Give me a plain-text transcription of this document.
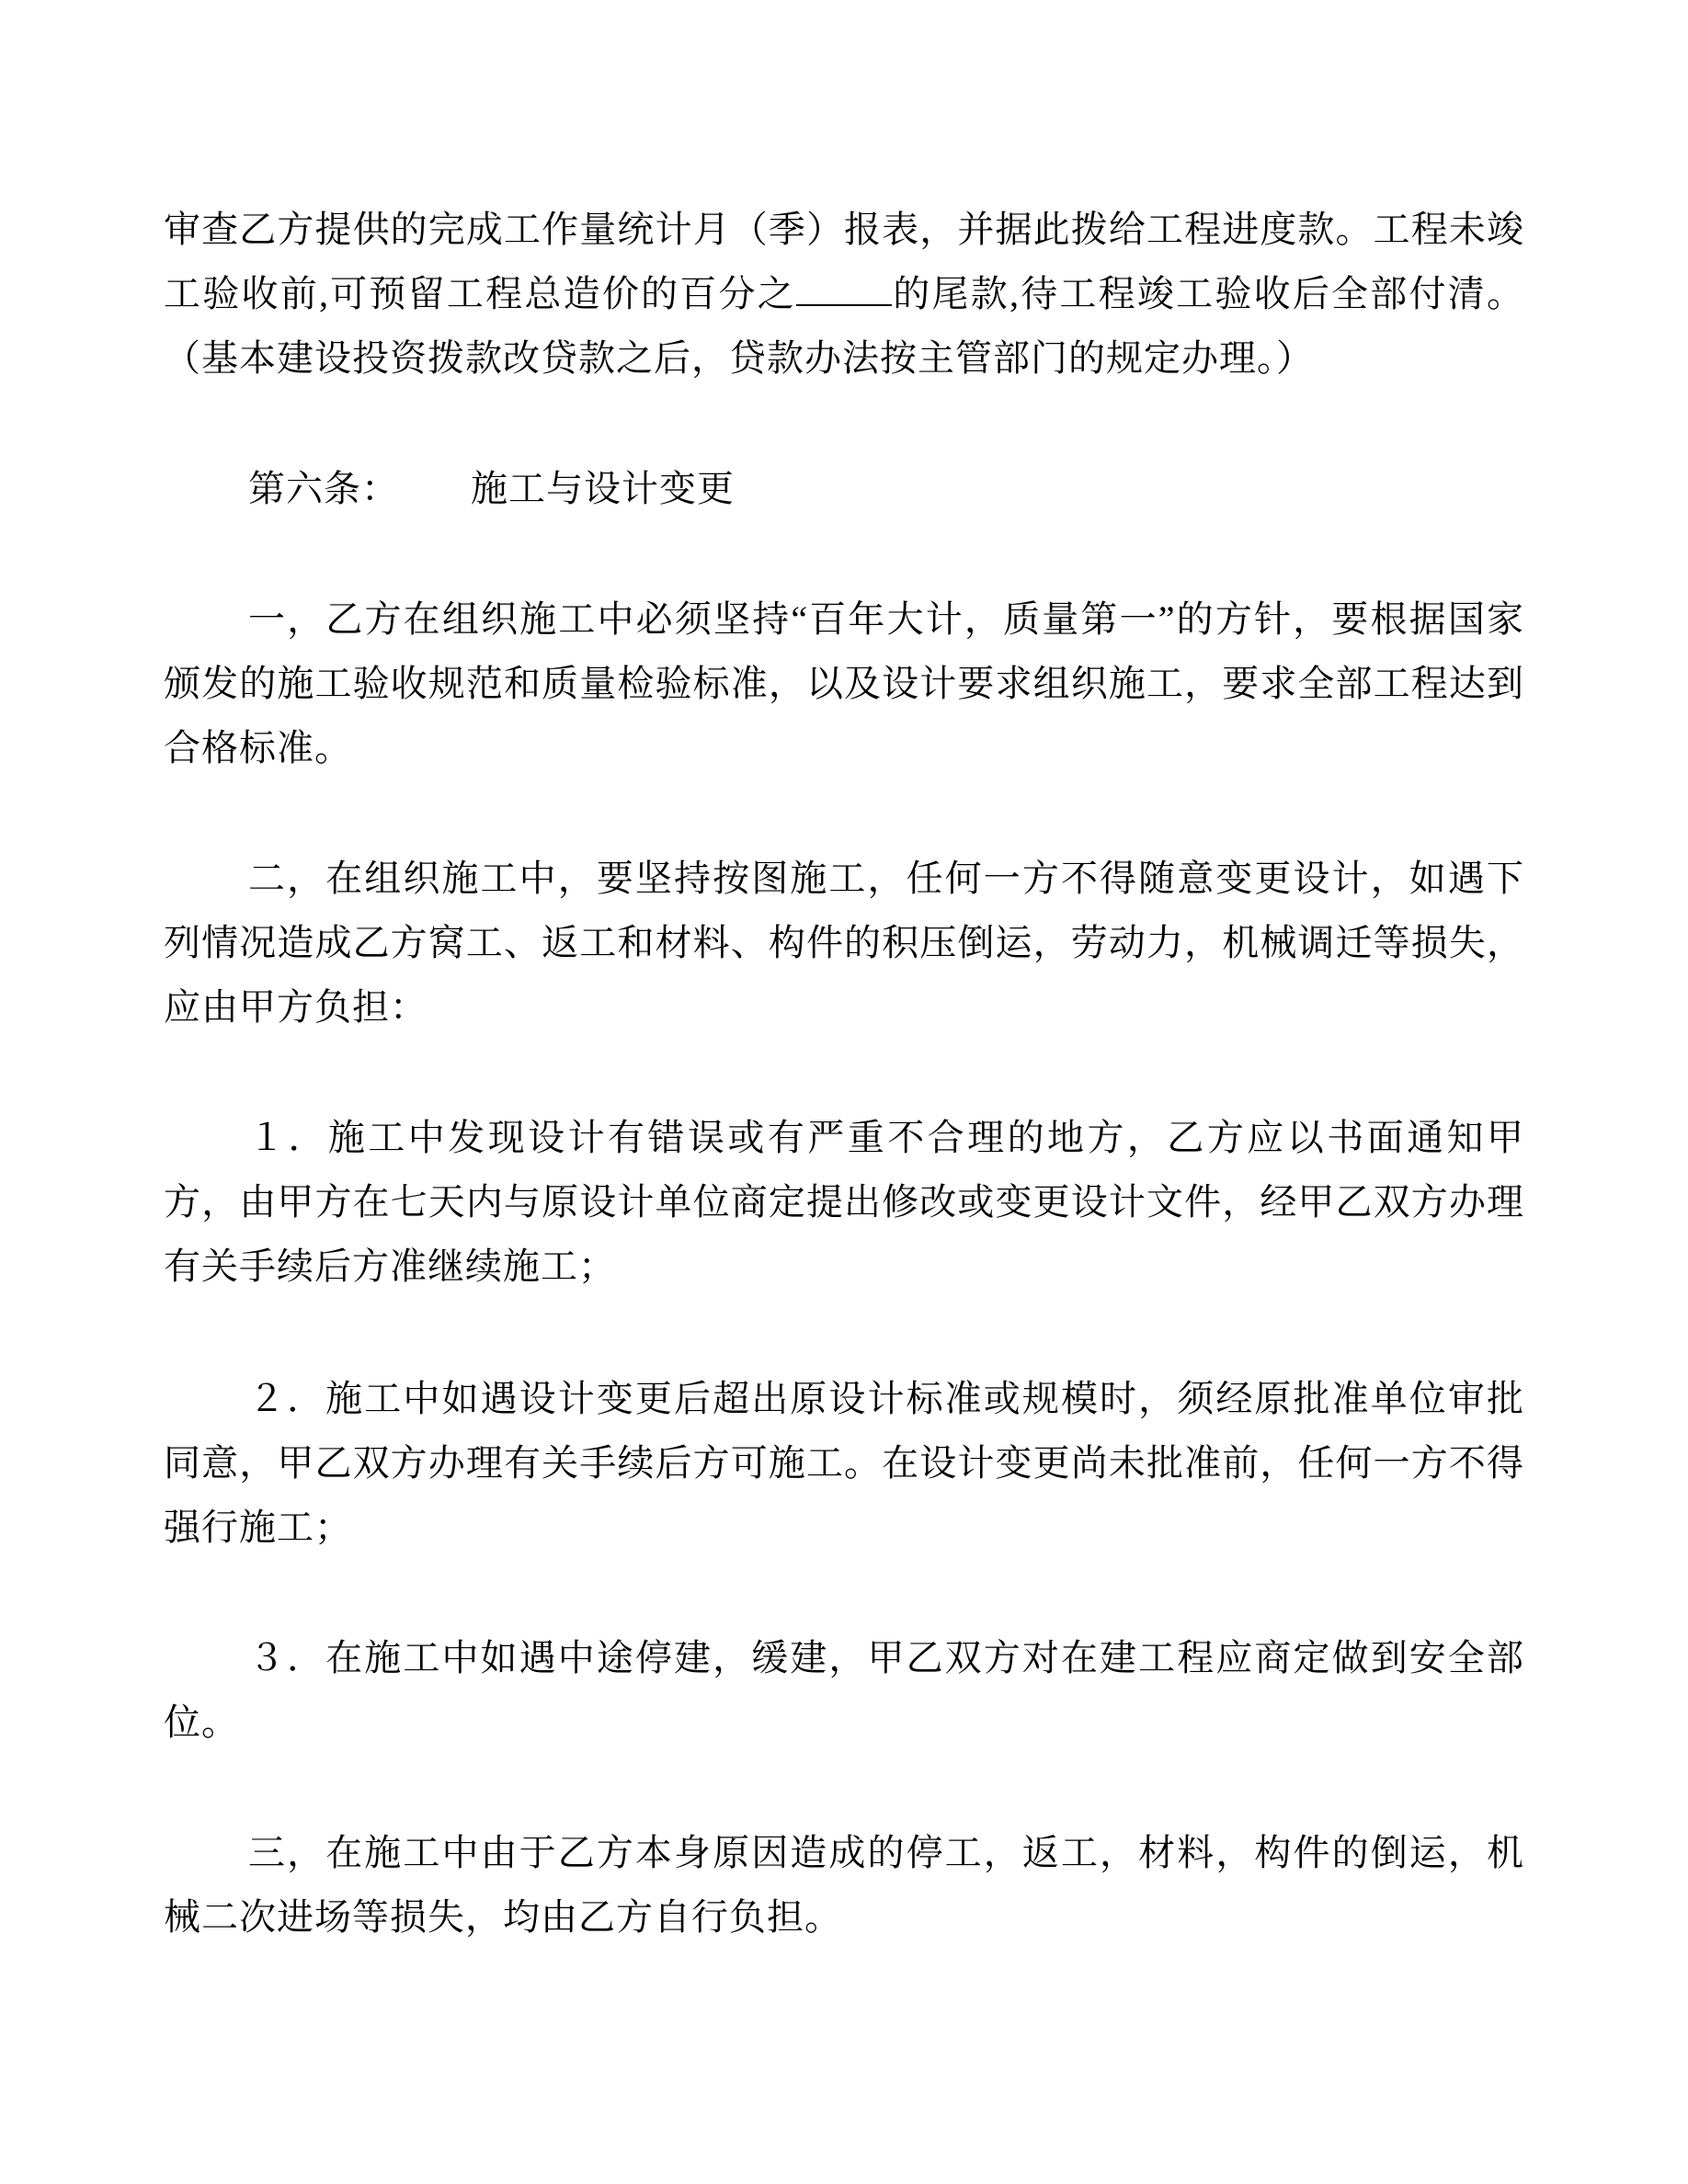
审查乙方提供的完成工作量统计月（季）报表，并据此拨给工程进度款。工程未竣工验收前,可预留工程总造价的百分之	的尾款,待工程竣工验收后全部付清。（基本建设投资拨款改贷款之后，贷款办法按主管部门的规定办理。）

第六条： 施工与设计变更

一，乙方在组织施工中必须坚持“百年大计，质量第一”的方针，要根据国家颁发的施工验收规范和质量检验标准，以及设计要求组织施工，要求全部工程达到合格标准。

二，在组织施工中，要坚持按图施工，任何一方不得随意变更设计，如遇下列情况造成乙方窝工、返工和材料、构件的积压倒运，劳动力，机械调迁等损失，应由甲方负担：

１．施工中发现设计有错误或有严重不合理的地方，乙方应以书面通知甲方，由甲方在七天内与原设计单位商定提出修改或变更设计文件，经甲乙双方办理有关手续后方准继续施工；

２．施工中如遇设计变更后超出原设计标准或规模时，须经原批准单位审批同意，甲乙双方办理有关手续后方可施工。在设计变更尚未批准前，任何一方不得强行施工；

３．在施工中如遇中途停建，缓建，甲乙双方对在建工程应商定做到安全部位。

三，在施工中由于乙方本身原因造成的停工，返工，材料，构件的倒运，机械二次进场等损失，均由乙方自行负担。
